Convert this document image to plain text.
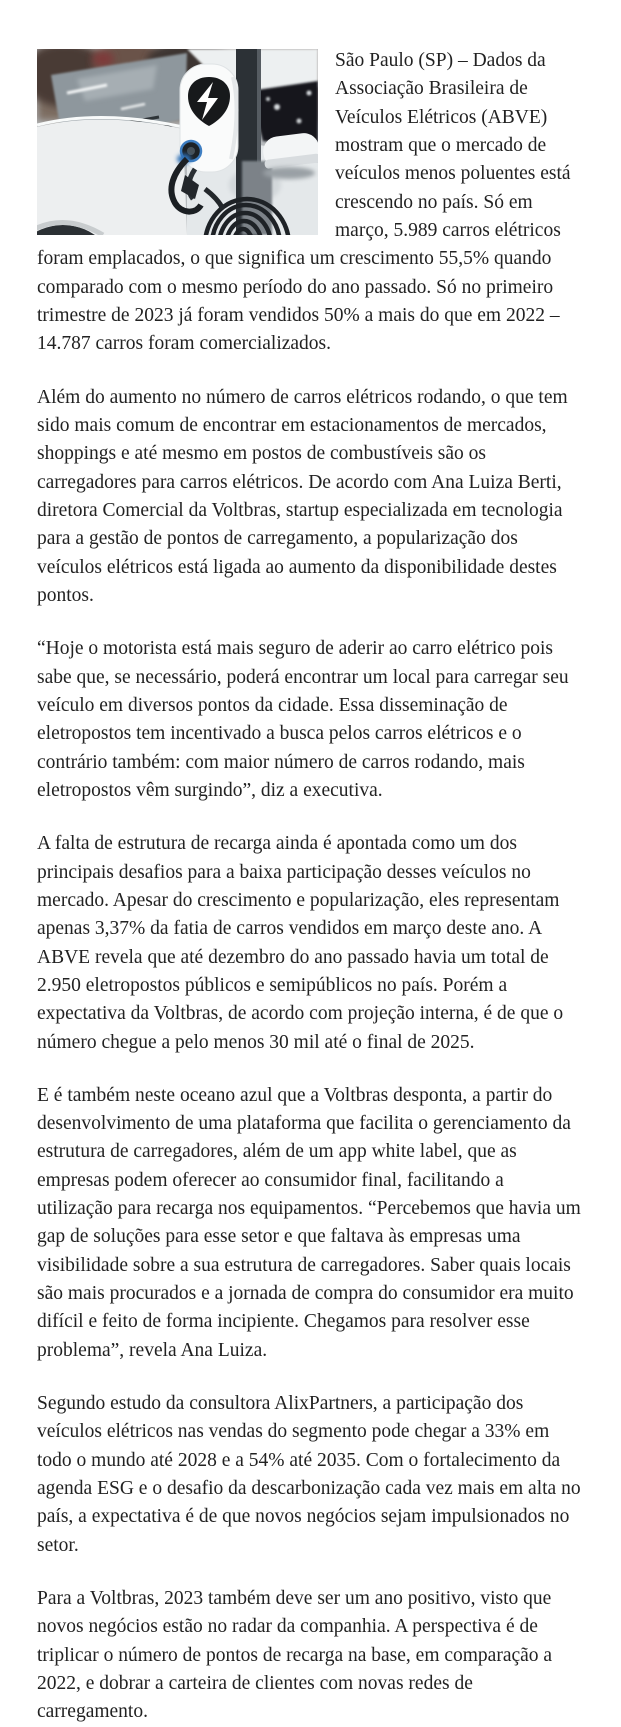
São Paulo (SP) – Dados da Associação Brasileira de Veículos Elétricos (ABVE) mostram que o mercado de veículos menos poluentes está crescendo no país. Só em março, 5.989 carros elétricos foram emplacados, o que significa um crescimento 55,5% quando comparado com o mesmo período do ano passado. Só no primeiro trimestre de 2023 já foram vendidos 50% a mais do que em 2022 – 14.787 carros foram comercializados.

Além do aumento no número de carros elétricos rodando, o que tem sido mais comum de encontrar em estacionamentos de mercados, shoppings e até mesmo em postos de combustíveis são os carregadores para carros elétricos. De acordo com Ana Luiza Berti, diretora Comercial da Voltbras, startup especializada em tecnologia para a gestão de pontos de carregamento, a popularização dos veículos elétricos está ligada ao aumento da disponibilidade destes pontos.

“Hoje o motorista está mais seguro de aderir ao carro elétrico pois sabe que, se necessário, poderá encontrar um local para carregar seu veículo em diversos pontos da cidade. Essa disseminação de eletropostos tem incentivado a busca pelos carros elétricos e o contrário também: com maior número de carros rodando, mais eletropostos vêm surgindo”, diz a executiva.

A falta de estrutura de recarga ainda é apontada como um dos principais desafios para a baixa participação desses veículos no mercado. Apesar do crescimento e popularização, eles representam apenas 3,37% da fatia de carros vendidos em março deste ano. A ABVE revela que até dezembro do ano passado havia um total de 2.950 eletropostos públicos e semipúblicos no país. Porém a expectativa da Voltbras, de acordo com projeção interna, é de que o número chegue a pelo menos 30 mil até o final de 2025.

E é também neste oceano azul que a Voltbras desponta, a partir do desenvolvimento de uma plataforma que facilita o gerenciamento da estrutura de carregadores, além de um app white label, que as empresas podem oferecer ao consumidor final, facilitando a utilização para recarga nos equipamentos. “Percebemos que havia um gap de soluções para esse setor e que faltava às empresas uma visibilidade sobre a sua estrutura de carregadores. Saber quais locais são mais procurados e a jornada de compra do consumidor era muito difícil e feito de forma incipiente. Chegamos para resolver esse problema”, revela Ana Luiza.

Segundo estudo da consultora AlixPartners, a participação dos veículos elétricos nas vendas do segmento pode chegar a 33% em todo o mundo até 2028 e a 54% até 2035. Com o fortalecimento da agenda ESG e o desafio da descarbonização cada vez mais em alta no país, a expectativa é de que novos negócios sejam impulsionados no setor.

Para a Voltbras, 2023 também deve ser um ano positivo, visto que novos negócios estão no radar da companhia. A perspectiva é de triplicar o número de pontos de recarga na base, em comparação a 2022, e dobrar a carteira de clientes com novas redes de carregamento.
